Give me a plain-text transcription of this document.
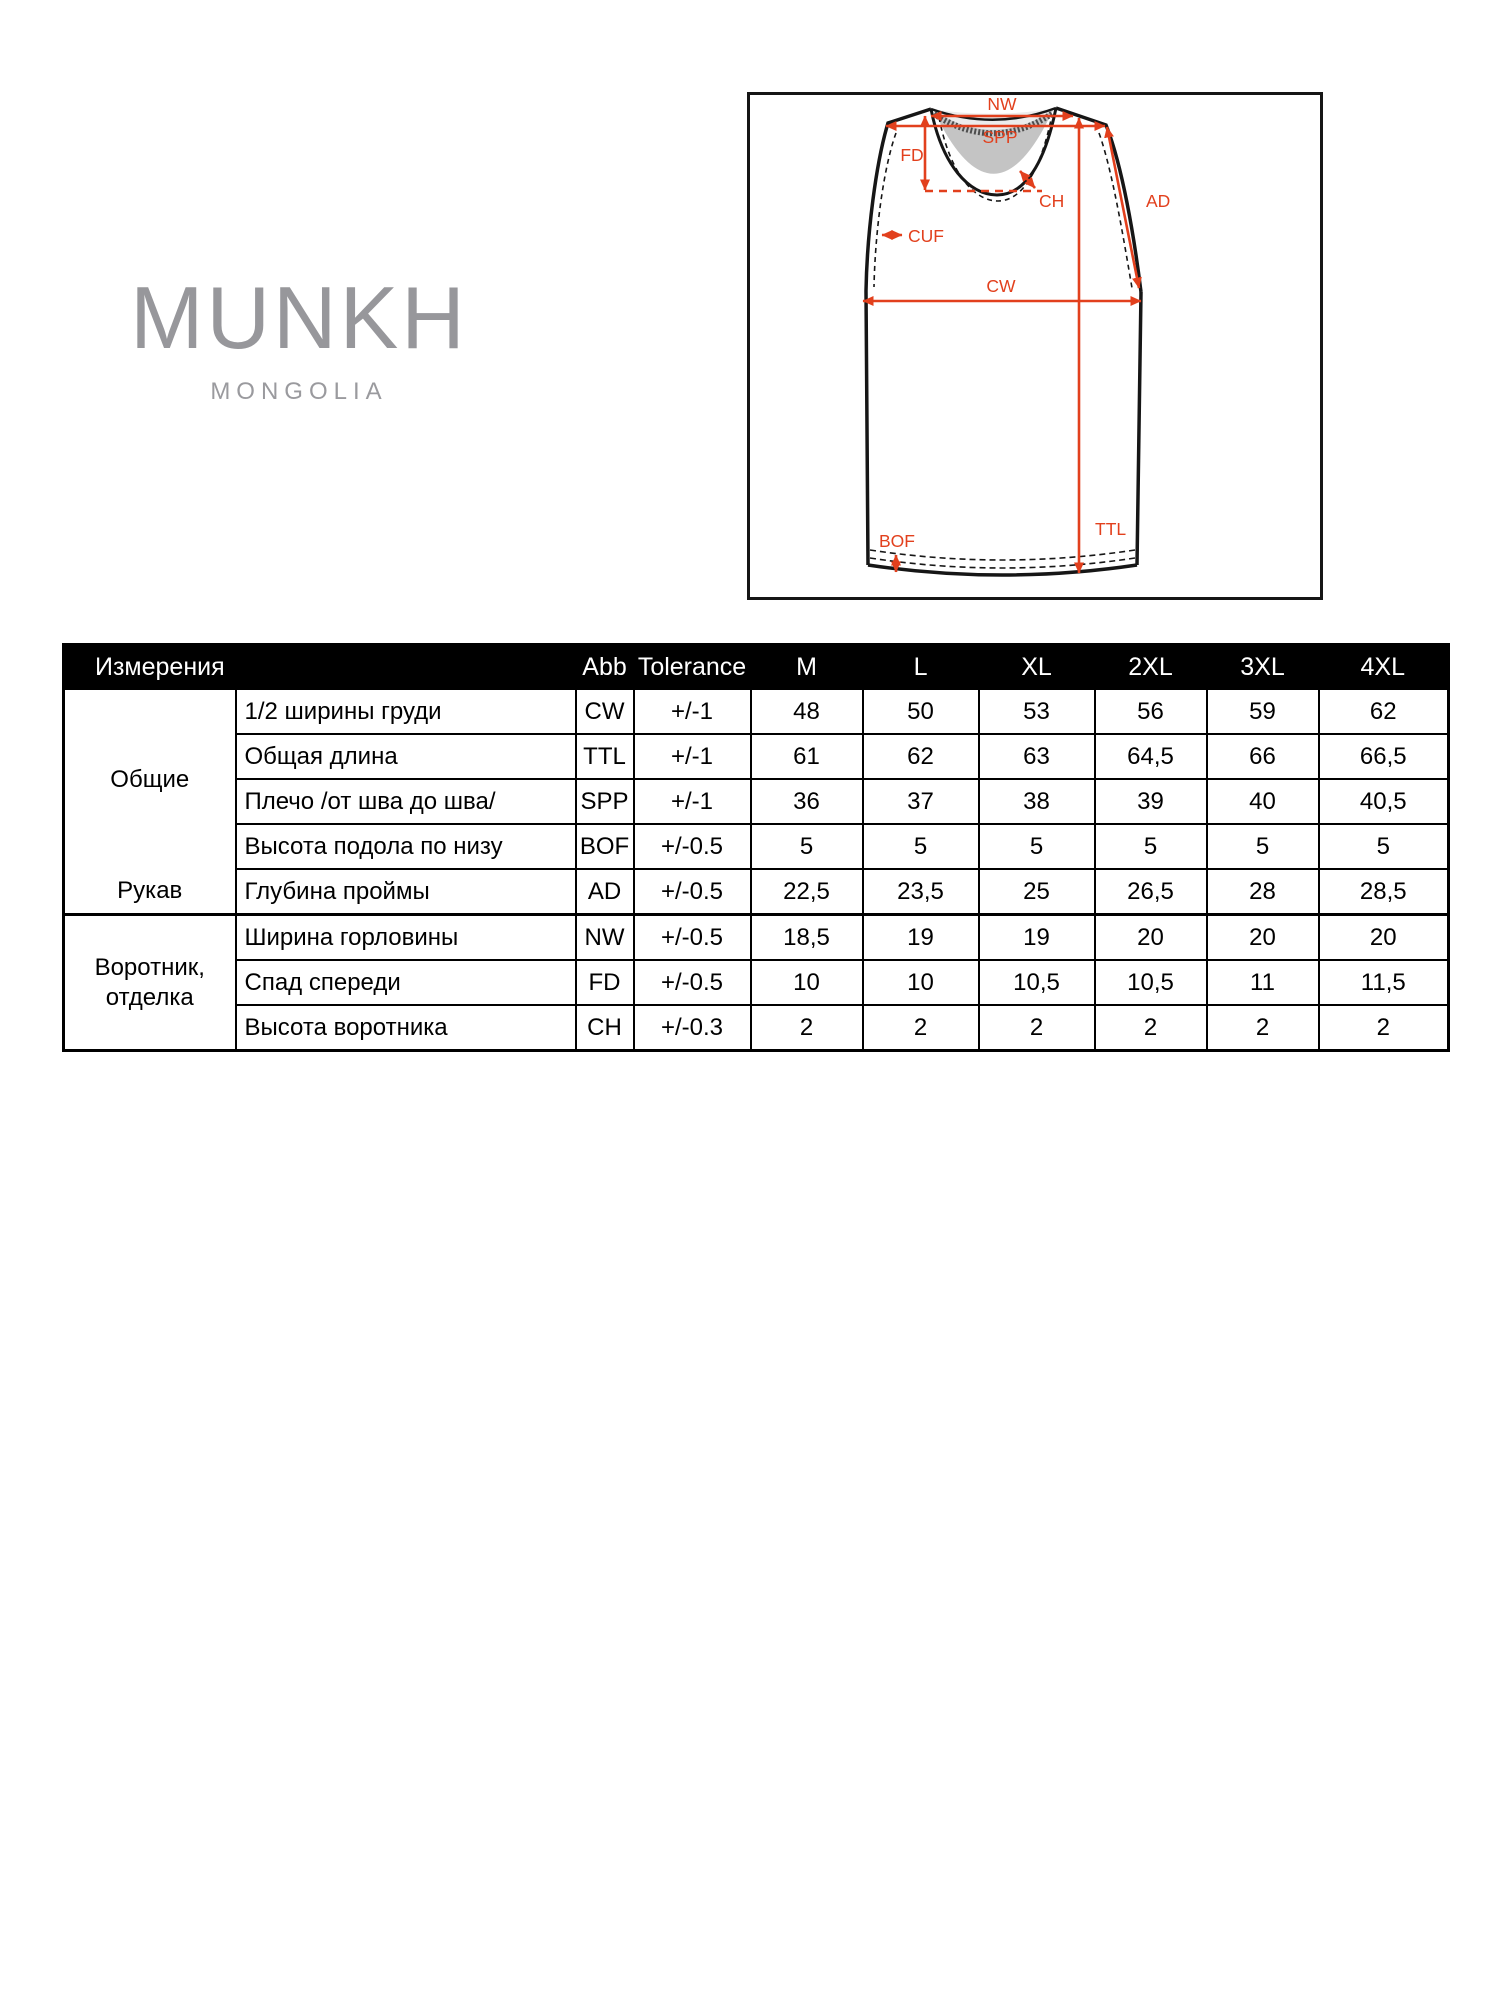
MUNKH
MONGOLIA
NW
SPP
FD
CH	AD
CUF
CW
TTL
BOF
Измерения		Abb	Tolerance	M	L	XL	2XL	3XL	4XL
Общие	1/2 ширины груди	CW	+/-1	48	50	53	56	59	62
	Общая длина	TTL	+/-1	61	62	63	64,5	66	66,5
	Плечо /от шва до шва/	SPP	+/-1	36	37	38	39	40	40,5
	Высота подола по низу	BOF	+/-0.5	5	5	5	5	5	5
Рукав	Глубина проймы	AD	+/-0.5	22,5	23,5	25	26,5	28	28,5
Воротник, отделка	Ширина горловины	NW	+/-0.5	18,5	19	19	20	20	20
	Спад спереди	FD	+/-0.5	10	10	10,5	10,5	11	11,5
	Высота воротника	CH	+/-0.3	2	2	2	2	2	2
